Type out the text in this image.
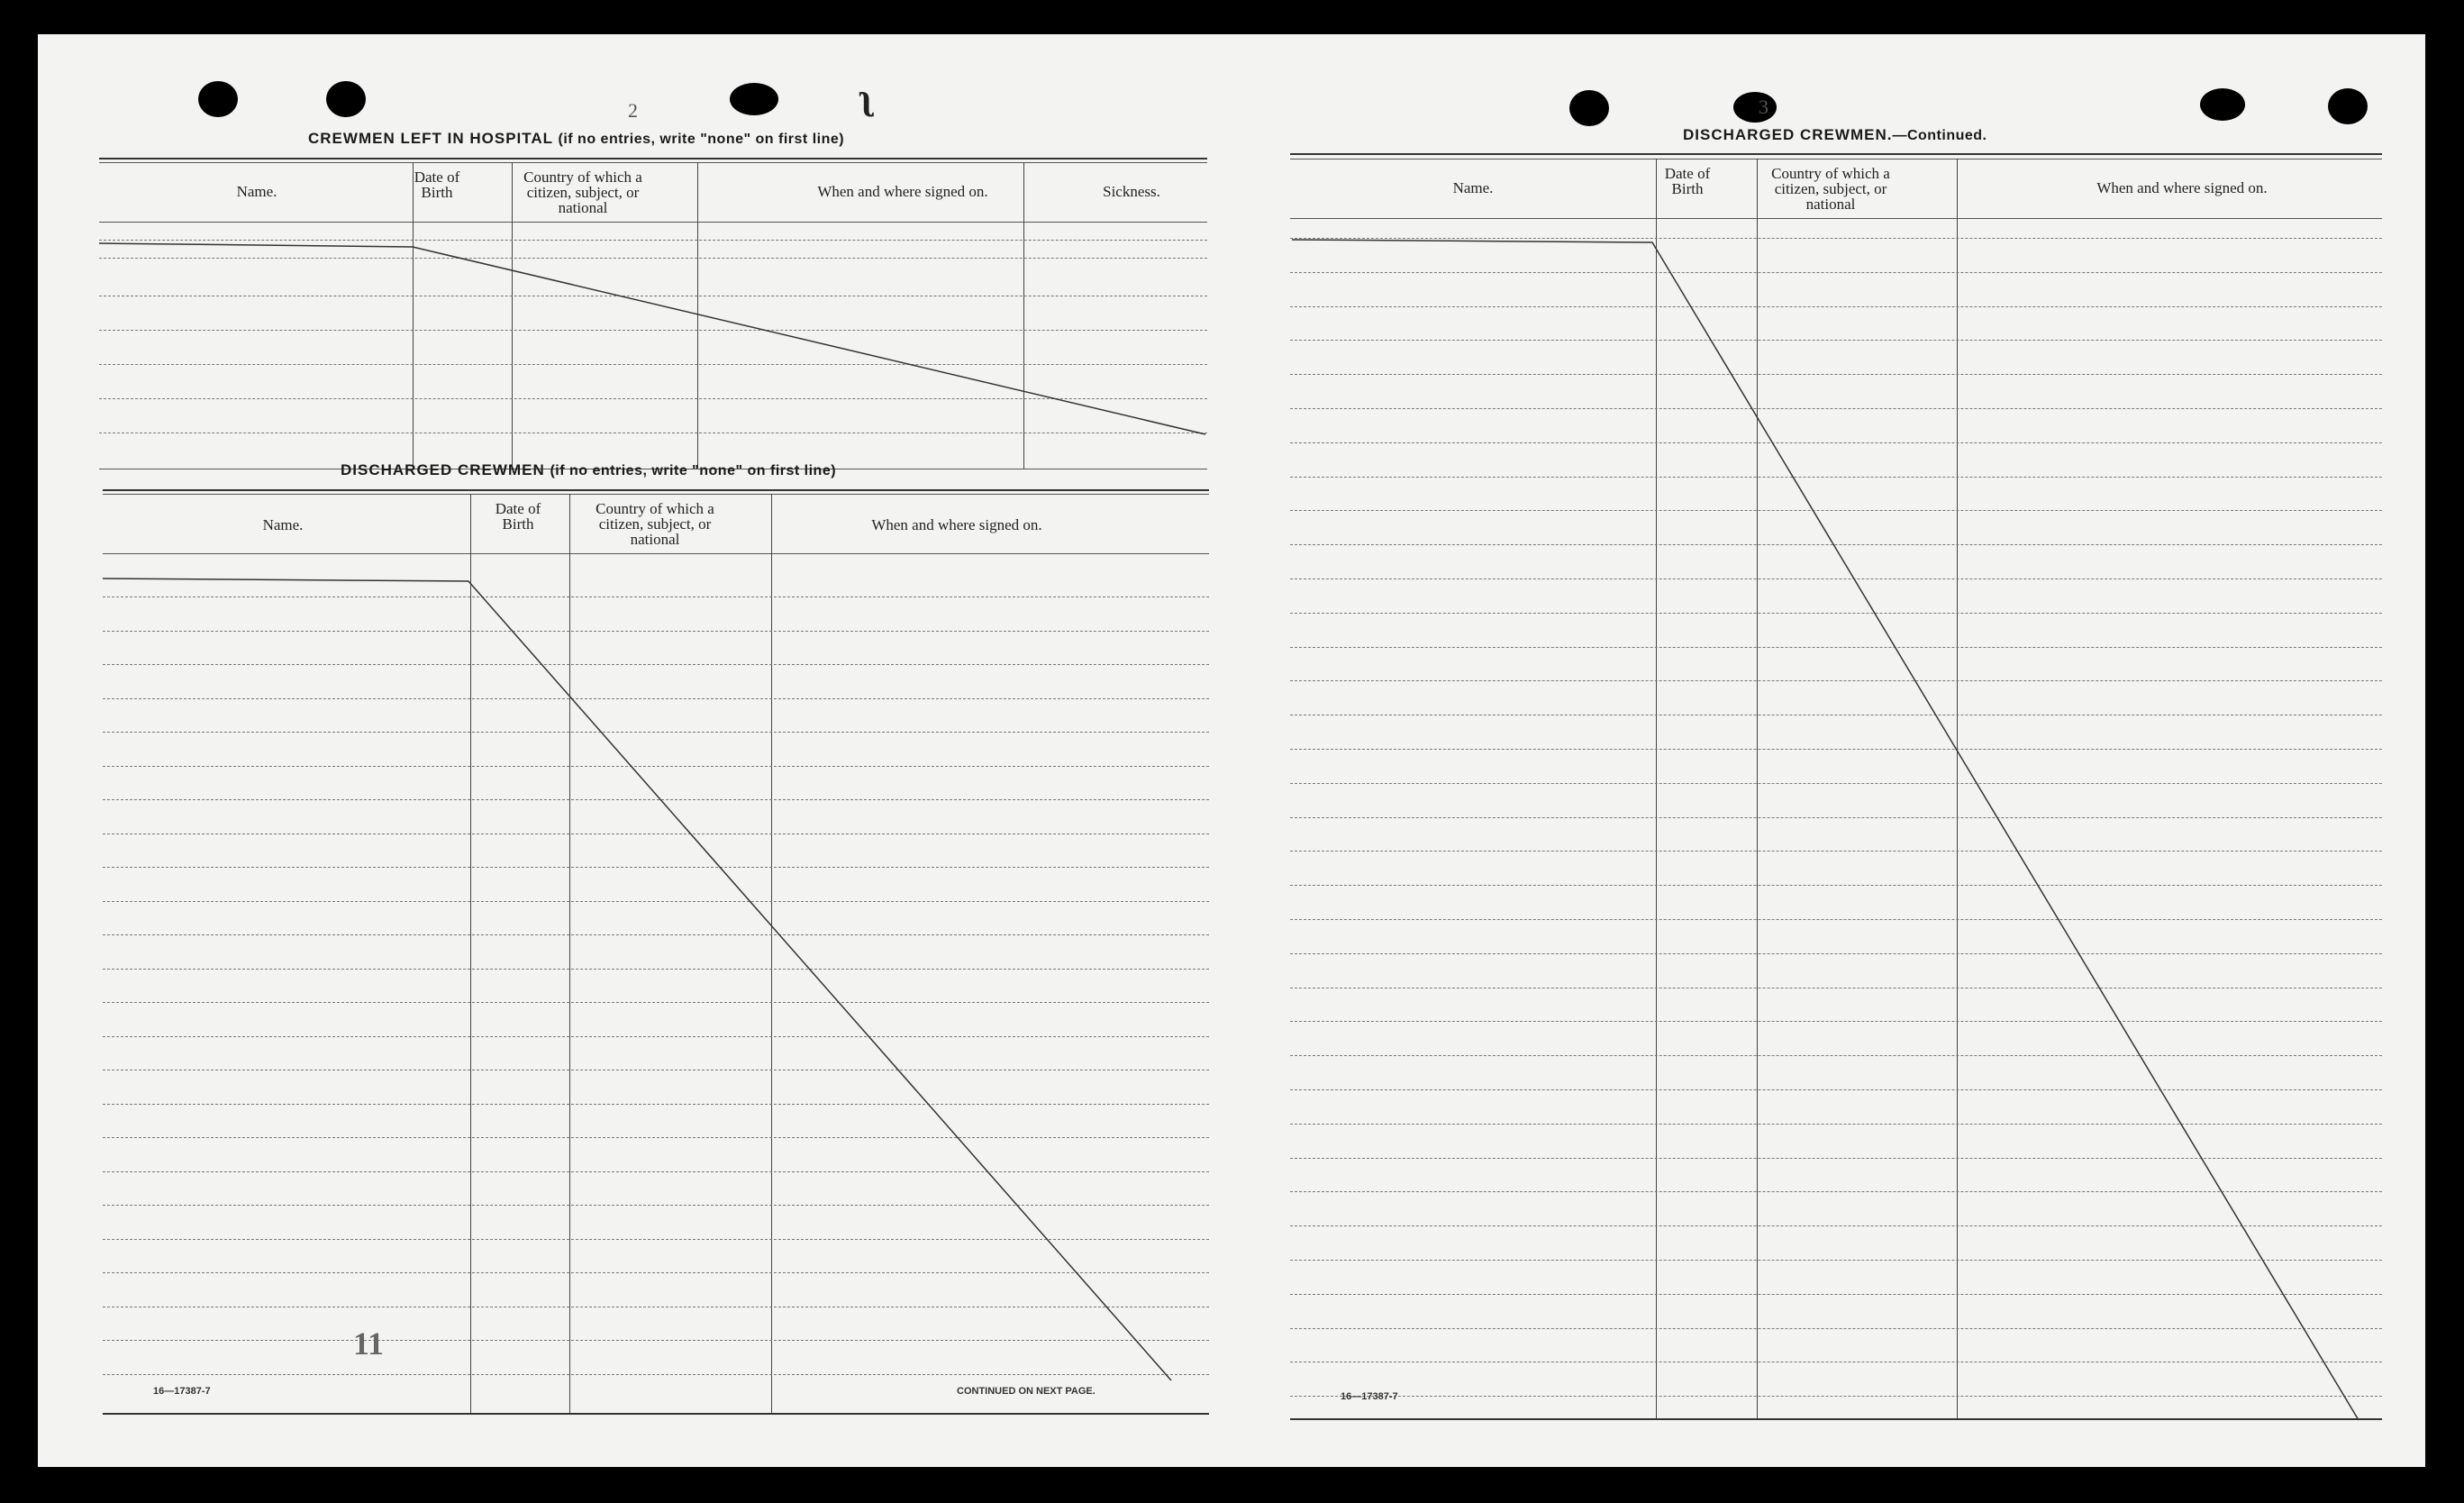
ʅ
2
CREWMEN LEFT IN HOSPITAL (if no entries, write "none" on first line)
Name.
Date of Birth
Country of which a citizen, subject, or national
When and where signed on.	Sickness.
DISCHARGED CREWMEN (if no entries, write "none" on first line)
Name.
Date of Birth
Country of which a citizen, subject, or national
When and where signed on.
16—17387-7	CONTINUED ON NEXT PAGE.
11
3
DISCHARGED CREWMEN.—Continued.
Name.
Date of Birth
Country of which a citizen, subject, or national
When and where signed on.
16—17387-7
